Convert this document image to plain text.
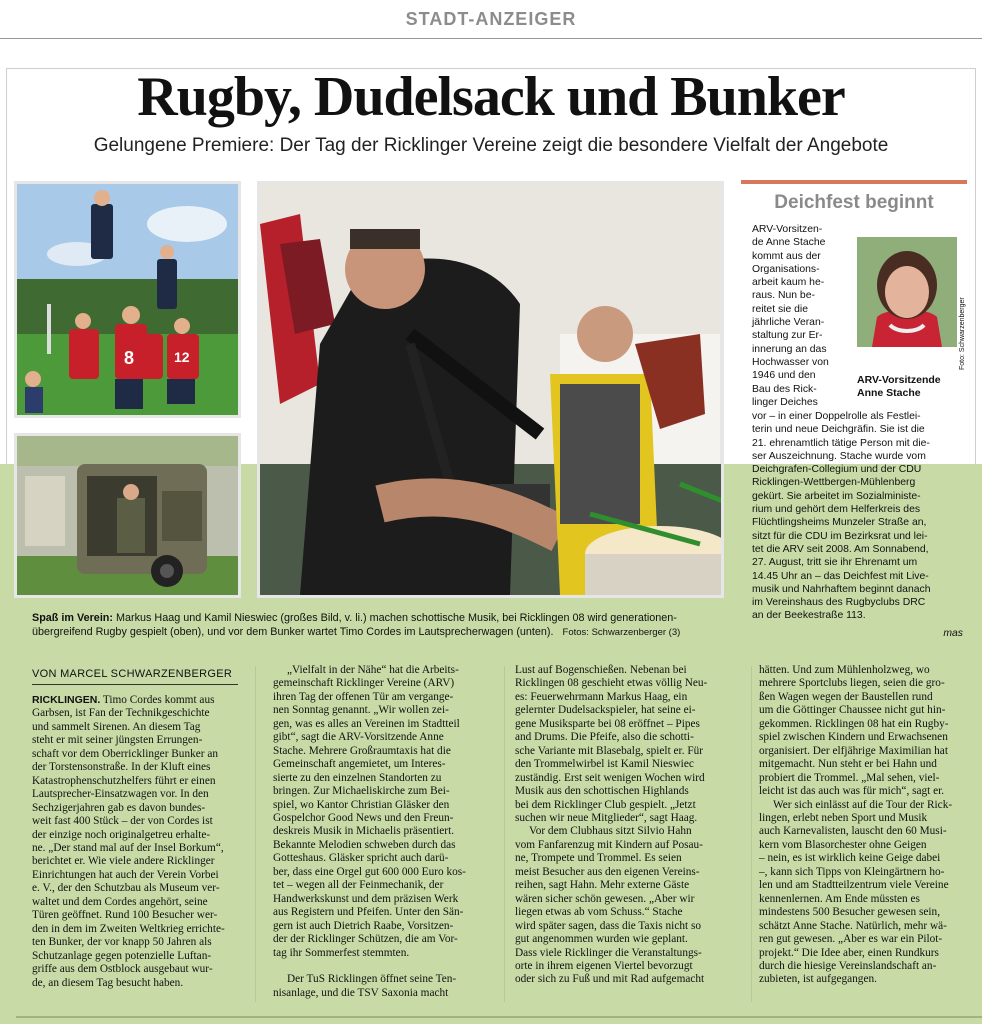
STADT-ANZEIGER
Rugby, Dudelsack und Bunker
Gelungene Premiere: Der Tag der Ricklinger Vereine zeigt die besondere Vielfalt der Angebote
8	12
Spaß im Verein: Markus Haag und Kamil Nieswiec (großes Bild, v. li.) machen schottische Musik, bei Ricklingen 08 wird generationen-
übergreifend Rugby gespielt (oben), und vor dem Bunker wartet Timo Cordes im Lautsprecherwagen (unten). Fotos: Schwarzenberger (3)
Deichfest beginnt
ARV-Vorsitzen-
de Anne Stache
kommt aus der
Organisations-
arbeit kaum he-
raus. Nun be-
reitet sie die
jährliche Veran-
staltung zur Er-
innerung an das
Hochwasser von
1946 und den
Bau des Rick-
linger Deiches
Foto: Schwarzenberger
ARV-Vorsitzende Anne Stache
vor – in einer Doppelrolle als Festlei-
terin und neue Deichgräfin. Sie ist die
21. ehrenamtlich tätige Person mit die-
ser Auszeichnung. Stache wurde vom
Deichgrafen-Collegium und der CDU
Ricklingen-Wettbergen-Mühlenberg
gekürt. Sie arbeitet im Sozialministe-
rium und gehört dem Helferkreis des
Flüchtlingsheims Munzeler Straße an,
sitzt für die CDU im Bezirksrat und lei-
tet die ARV seit 2008. Am Sonnabend,
27. August, tritt sie ihr Ehrenamt um
14.45 Uhr an – das Deichfest mit Live-
musik und Nahrhaftem beginnt danach
im Vereinshaus des Rugbyclubs DRC
an der Beekestraße 113.
mas
VON MARCEL SCHWARZENBERGER
RICKLINGEN. Timo Cordes kommt aus
Garbsen, ist Fan der Technikgeschichte
und sammelt Sirenen. An diesem Tag
steht er mit seiner jüngsten Errungen-
schaft vor dem Oberricklinger Bunker an
der Torstensonstraße. In der Kluft eines
Katastrophenschutzhelfers führt er einen
Lautsprecher-Einsatzwagen vor. In den
Sechzigerjahren gab es davon bundes-
weit fast 400 Stück – der von Cordes ist
der einzige noch originalgetreu erhalte-
ne. „Der stand mal auf der Insel Borkum“,
berichtet er. Wie viele andere Ricklinger
Einrichtungen hat auch der Verein Vorbei
e. V., der den Schutzbau als Museum ver-
waltet und dem Cordes angehört, seine
Türen geöffnet. Rund 100 Besucher wer-
den in dem im Zweiten Weltkrieg errichte-
ten Bunker, der vor knapp 50 Jahren als
Schutzanlage gegen potenzielle Luftan-
griffe aus dem Ostblock ausgebaut wur-
de, an diesem Tag besucht haben.
„Vielfalt in der Nähe“ hat die Arbeits-
gemeinschaft Ricklinger Vereine (ARV)
ihren Tag der offenen Tür am vergange-
nen Sonntag genannt. „Wir wollen zei-
gen, was es alles an Vereinen im Stadtteil
gibt“, sagt die ARV-Vorsitzende Anne
Stache. Mehrere Großraumtaxis hat die
Gemeinschaft angemietet, um Interes-
sierte zu den einzelnen Standorten zu
bringen. Zur Michaeliskirche zum Bei-
spiel, wo Kantor Christian Gläsker den
Gospelchor Good News und den Freun-
deskreis Musik in Michaelis präsentiert.
Bekannte Melodien schweben durch das
Gotteshaus. Gläsker spricht auch darü-
ber, dass eine Orgel gut 600 000 Euro kos-
tet – wegen all der Feinmechanik, der
Handwerkskunst und dem präzisen Werk
aus Registern und Pfeifen. Unter den Sän-
gern ist auch Dietrich Raabe, Vorsitzen-
der der Ricklinger Schützen, die am Vor-
tag ihr Sommerfest stemmten.
Der TuS Ricklingen öffnet seine Ten-
nisanlage, und die TSV Saxonia macht
Lust auf Bogenschießen. Nebenan bei
Ricklingen 08 geschieht etwas völlig Neu-
es: Feuerwehrmann Markus Haag, ein
gelernter Dudelsackspieler, hat seine ei-
gene Musiksparte bei 08 eröffnet – Pipes
and Drums. Die Pfeife, also die schotti-
sche Variante mit Blasebalg, spielt er. Für
den Trommelwirbel ist Kamil Nieswiec
zuständig. Erst seit wenigen Wochen wird
Musik aus den schottischen Highlands
bei dem Ricklinger Club gespielt. „Jetzt
suchen wir neue Mitglieder“, sagt Haag.
Vor dem Clubhaus sitzt Silvio Hahn
vom Fanfarenzug mit Kindern auf Posau-
ne, Trompete und Trommel. Es seien
meist Besucher aus den eigenen Vereins-
reihen, sagt Hahn. Mehr externe Gäste
wären sicher schön gewesen. „Aber wir
liegen etwas ab vom Schuss.“ Stache
wird später sagen, dass die Taxis nicht so
gut angenommen wurden wie geplant.
Dass viele Ricklinger die Veranstaltungs-
orte in ihrem eigenen Viertel bevorzugt
oder sich zu Fuß und mit Rad aufgemacht
hätten. Und zum Mühlenholzweg, wo
mehrere Sportclubs liegen, seien die gro-
ßen Wagen wegen der Baustellen rund
um die Göttinger Chaussee nicht gut hin-
gekommen. Ricklingen 08 hat ein Rugby-
spiel zwischen Kindern und Erwachsenen
organisiert. Der elfjährige Maximilian hat
mitgemacht. Nun steht er bei Hahn und
probiert die Trommel. „Mal sehen, viel-
leicht ist das auch was für mich“, sagt er.
Wer sich einlässt auf die Tour der Rick-
lingen, erlebt neben Sport und Musik
auch Karnevalisten, lauscht den 60 Musi-
kern vom Blasorchester ohne Geigen
– nein, es ist wirklich keine Geige dabei
–, kann sich Tipps von Kleingärtnern ho-
len und am Stadtteilzentrum viele Vereine
kennenlernen. Am Ende müssten es
mindestens 500 Besucher gewesen sein,
schätzt Anne Stache. Natürlich, mehr wä-
ren gut gewesen. „Aber es war ein Pilot-
projekt.“ Die Idee aber, einen Rundkurs
durch die hiesige Vereinslandschaft an-
zubieten, ist aufgegangen.
